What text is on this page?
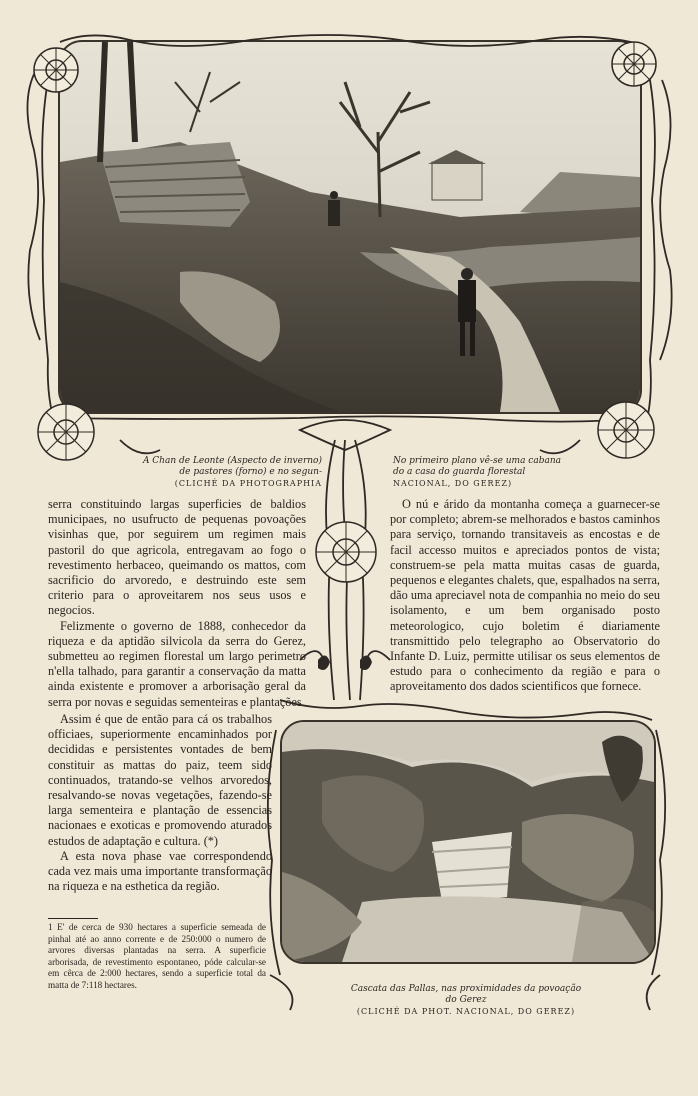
A Chan de Leonte (Aspecto de inverno)
de pastores (forno) e no segun-
(CLICHÉ DA PHOTOGRAPHIA
No primeiro plano vê-se uma cabana
do a casa do guarda florestal
NACIONAL, DO GEREZ)
Cascata das Pallas, nas proximidades da povoação
do Gerez
(CLICHÉ DA PHOT. NACIONAL, DO GEREZ)

serra constituindo largas superficies de baldios municipaes, no usufructo de pequenas povoações visinhas que, por seguirem um regimen mais pastoril do que agricola, entregavam ao fogo o revestimento herbaceo, queimando os mattos, com sacrificio do arvoredo, e destruindo este sem criterio para o aproveitarem nos seus usos e negocios.

Felizmente o governo de 1888, conhecedor da riqueza e da aptidão silvicola da serra do Gerez, submetteu ao regimen florestal um largo perimetro n'ella talhado, para garantir a conservação da matta ainda existente e promover a arborisação geral da serra por novas e seguidas sementeiras e plantações.

Assim é que de então para cá os trabalhos officiaes, superiormente encaminhados por decididas e persistentes vontades de bem constituir as mattas do paiz, teem sido continuados, tratando-se velhos arvoredos, resalvando-se novas vegetações, fazendo-se larga sementeira e plantação de essencias nacionaes e exoticas e promovendo aturados estudos de adaptação e cultura. (*)

A esta nova phase vae correspondendo cada vez mais uma importante transformação na riqueza e na esthetica da região.

O nú e árido da montanha começa a guarnecer-se por completo; abrem-se melhorados e bastos caminhos para serviço, tornando transitaveis as encostas e de facil accesso muitos e apreciados pontos de vista; construem-se pela matta muitas casas de guarda, pequenos e elegantes chalets, que, espalhados na serra, dão uma apreciavel nota de companhia no meio do seu isolamento, e um bem organisado posto meteorologico, cujo boletim é diariamente transmittido pelo telegrapho ao Observatorio do Infante D. Luiz, permitte utilisar os seus elementos de estudo para o conhecimento da região e para o aproveitamento dos dados scientificos que fornece.

1 E' de cerca de 930 hectares a superficie semeada de pinhal até ao anno corrente e de 250:000 o numero de arvores diversas plantadas na serra. A superficie arborisada, de revestimento espontaneo, póde calcular-se em cêrca de 2:000 hectares, sendo a superficie total da matta de 7:118 hectares.
